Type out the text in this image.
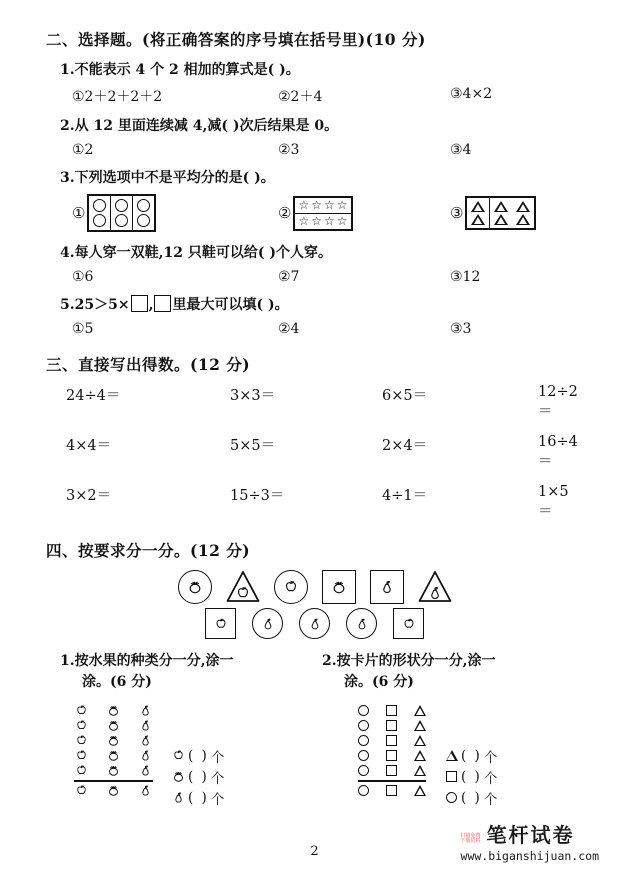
二、选择题。(将正确答案的序号填在括号里)(10 分)
1.不能表示 4 个 2 相加的算式是( )。
①2＋2＋2＋2	②2＋4	③4×2
2.从 12 里面连续减 4,减( )次后结果是 0。
①2	②3	③4
3.下列选项中不是平均分的是( )。
①	② ☆ ☆ ☆ ☆
☆ ☆ ☆ ☆	③
4.每人穿一双鞋,12 只鞋可以给( )个人穿。
①6	②7	③12
5.25＞5× , 里最大可以填( )。
①5	②4	③3
三、直接写出得数。(12 分)
24÷4＝	3×3＝	6×5＝	12÷2＝
4×4＝	5×5＝	2×4＝	16÷4＝
3×2＝	15÷3＝	4÷1＝	1×5＝
四、按要求分一分。(12 分)
1.按水果的种类分一分,涂一
涂。(6 分)
2.按卡片的形状分一分,涂一
涂。(6 分)
( ) 个
( ) 个
( ) 个
( ) 个
( ) 个
( ) 个
2
扫描免费
下载资料 笔杆试卷
www.biganshijuan.com
